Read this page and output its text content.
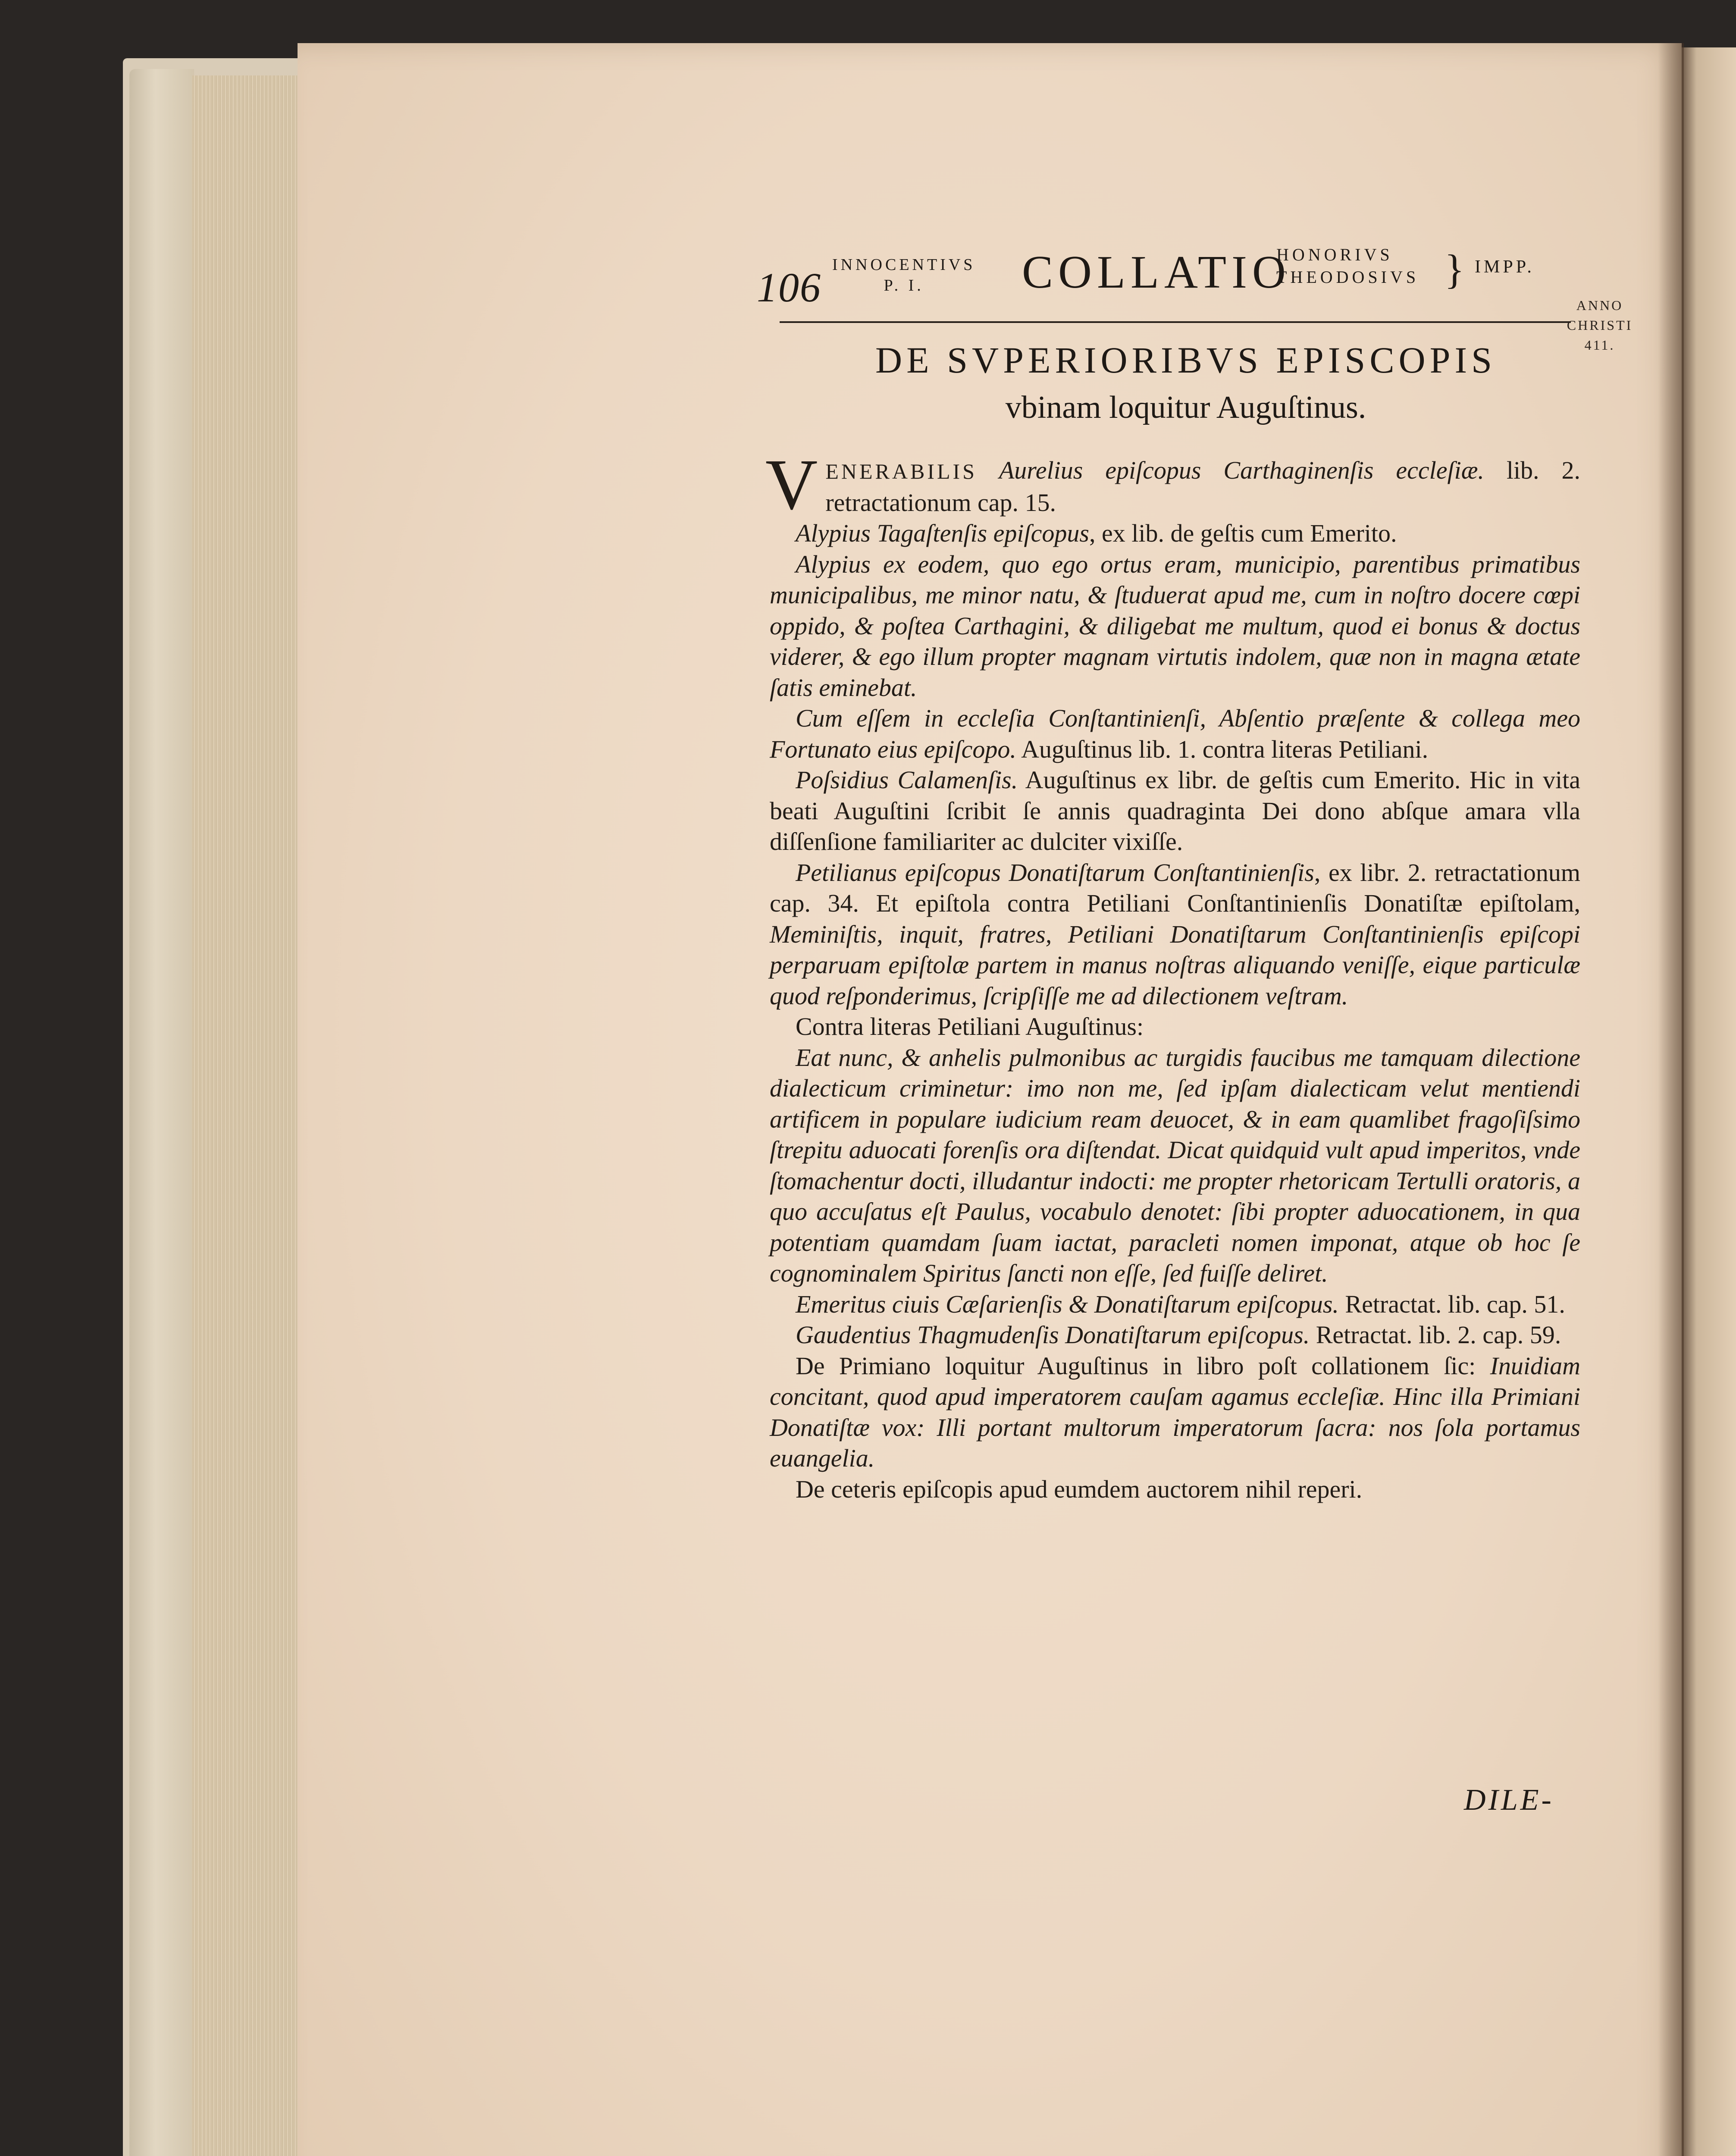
106 INNOCENTIVS
P. I.	COLLATIO
HONORIVS
THEODOSIVS } IMPP.
ANNO
CHRISTI
411.
DE SVPERIORIBVS EPISCOPIS
vbinam loquitur Auguſtinus.

VENERABILIS Aurelius epiſcopus Carthaginenſis eccleſiæ. lib. 2. retractationum cap. 15.

Alypius Tagaſtenſis epiſcopus, ex lib. de geſtis cum Emerito.

Alypius ex eodem, quo ego ortus eram, municipio, parentibus primatibus municipalibus, me minor natu, & ſtuduerat apud me, cum in noſtro docere cœpi oppido, & poſtea Carthagini, & diligebat me multum, quod ei bonus & doctus viderer, & ego illum propter magnam virtutis indolem, quæ non in magna ætate ſatis eminebat.

Cum eſſem in eccleſia Conſtantinienſi, Abſentio præſente & collega meo Fortunato eius epiſcopo. Auguſtinus lib. 1. contra literas Petiliani.

Poſsidius Calamenſis. Auguſtinus ex libr. de geſtis cum Emerito. Hic in vita beati Auguſtini ſcribit ſe annis quadraginta Dei dono abſque amara vlla diſſenſione familiariter ac dulciter vixiſſe.

Petilianus epiſcopus Donatiſtarum Conſtantinienſis, ex libr. 2. retractationum cap. 34. Et epiſtola contra Petiliani Conſtantinienſis Donatiſtæ epiſtolam, Meminiſtis, inquit, fratres, Petiliani Donatiſtarum Conſtantinienſis epiſcopi perparuam epiſtolæ partem in manus noſtras aliquando veniſſe, eique particulæ quod reſponderimus, ſcripſiſſe me ad dilectionem veſtram.

Contra literas Petiliani Auguſtinus:

Eat nunc, & anhelis pulmonibus ac turgidis faucibus me tamquam dilectione dialecticum criminetur: imo non me, ſed ipſam dialecticam velut mentiendi artificem in populare iudicium ream deuocet, & in eam quamlibet fragoſiſsimo ſtrepitu aduocati forenſis ora diſtendat. Dicat quidquid vult apud imperitos, vnde ſtomachentur docti, illudantur indocti: me propter rhetoricam Tertulli oratoris, a quo accuſatus eſt Paulus, vocabulo denotet: ſibi propter aduocationem, in qua potentiam quamdam ſuam iactat, paracleti nomen imponat, atque ob hoc ſe cognominalem Spiritus ſancti non eſſe, ſed fuiſſe deliret.

Emeritus ciuis Cæſarienſis & Donatiſtarum epiſcopus. Retractat. lib. cap. 51.

Gaudentius Thagmudenſis Donatiſtarum epiſcopus. Retractat. lib. 2. cap. 59.

De Primiano loquitur Auguſtinus in libro poſt collationem ſic: Inuidiam concitant, quod apud imperatorem cauſam agamus eccleſiæ. Hinc illa Primiani Donatiſtæ vox: Illi portant multorum imperatorum ſacra: nos ſola portamus euangelia.

De ceteris epiſcopis apud eumdem auctorem nihil reperi.

DILE-
